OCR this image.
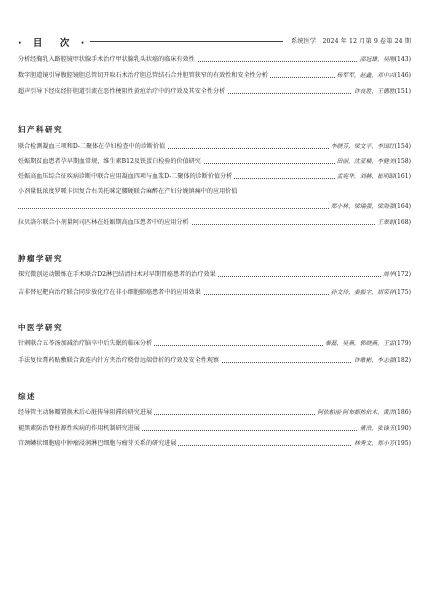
· 目　次 ·	系统医学　2024 年 12 月第 9 卷第 24 期
分析经胸乳入路腔镜甲状腺手术治疗甲状腺乳头状癌的临床有效性	邵冠雄，吴刚(143)
数字胆道镜引导腹腔镜胆总管切开取石术治疗胆总管结石合并胆管狭窄的有效性和安全性分析	杨军军，赵鑫，邓中兴(146)
超声引导下经皮经肝胆道引流在恶性梗阻性黄疸治疗中的疗效及其安全性分析	许良胜，王德胜(151)
妇产科研究
联合检测凝血三项和D-二聚体在孕妇检查中的诊断价值	李晓芬，梁文平，李国红(154)
妊娠期贫血患者孕早期血常规，维生素B12及铁蛋白检验的价值研究	田丽，沈亚楠，李健美(158)
妊娠高血压综合征疾病诊断中联合应用凝血四项与血浆D-二聚体的诊断价值分析	孟宪华，刘赫，崔明昭(161)
小剂量低浓度罗哌卡因复合右美托咪定腰硬联合麻醉在产妇分娩镇痛中的应用价值
郑小林，梁瑞强，梁海强(164)
拉贝洛尔联合小剂量阿司匹林在妊娠期高血压患者中的应用分析	王翠娟(168)
肿瘤学研究
探究微创运动锻炼在手术联合D2淋巴结清扫术对早期胃癌患者的治疗效果	周华(172)
吉非替尼靶向治疗联合同步放化疗在非小细胞肺癌患者中的应用效果	孙文玲，姜振宇，胡荣祥(175)
中医学研究
针刺联合五苓汤加减治疗脑卒中后失眠的临床分析	秦磊，吴燕，郭晓燕，王雷(179)
手法复位膏药贴敷联合黄连内针方夹治疗桡骨远端骨折的疗效及安全性观察	许歌彬，李志强(182)
综述
经导管主动脉瓣置换术后心脏传导阻滞的研究进展	阿依帕丽·阿布都热依木，黄洪(186)
褪黑素防治脊柱源性疾病的作用机制研究进展	董浩，张锋玉(190)
宫颈鳞状细胞癌中肿瘤浸润淋巴细胞与瘤芽关系的研究进展	林秀文，郑小芳(195)
